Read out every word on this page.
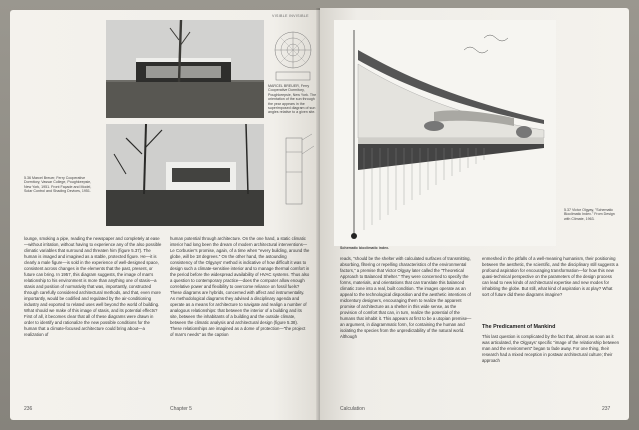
VISIBLE INVISIBLE
MARCEL BREUER, Ferry Cooperative Dormitory, Poughkeepsie, New York. The orientation of the sun through the year appears in the superimposed diagram of sun angles relative to a given site.
5.36 Marcel Breuer, Ferry Cooperative Dormitory, Vassar College, Poughkeepsie, New York, 1951. Front Façade and Model, Solar Control and Shading Devices, 1951.
lounge, smoking a pipe, reading the newspaper and completely at ease—without irritation, without having to experience any of the also possible climatic variables that surround and threaten him (figure 5.37). The human is imaged and imagined as a stable, protected figure. He—it is clearly a male figure—is sold in the experience of well-designed space, consistent across changes in the elements that the past, present, or future can bring. In 1957, this diagram suggests, the image of man's relationship to his environment is more than anything one of stasis—a stasis and position of normativity that was, importantly, constructed through carefully considered architectural methods, and that, even more importantly, would be codified and regulated by the air-conditioning industry and exported to related uses well beyond the world of building. What should we make of this image of stasis, and its potential effects? First of all, it becomes clear that all of these diagrams were drawn in order to identify and rationalize the new possible conditions for the human that a climate-focused architecture could bring about—a realization of
human potential through architecture. On the one hand, a static climatic interior had long been the dream of modern architectural interventions—Le Corbusier's promise, again, of a time when "every building, around the globe, will be 18 degrees." On the other hand, the astounding consistency of the Olgyays' method is indicative of how difficult it was to design such a climate-sensitive interior and to manage thermal comfort in the period before the widespread availability of HVAC systems. Thus also a question to contemporary practice—does the computer allow enough correlative power and flexibility to overcome reliance on fossil fuels? These diagrams are hybrids, concerned with affect and instrumentality. As methodological diagrams they advised a disciplinary agenda and operate as a means for architecture to navigate and realign a number of analogous relationships: that between the interior of a building and its site, between the inhabitants of a building and the outside climate, between the climatic analysis and architectural design (figure 5.38). These relationships are imagined as a dome of protection—"the project of man's needs" as the caption
236	Chapter 5
Schematic bioclimatic index.
5.37 Victor Olgyay, "Schematic Bioclimatic Index." From Design with Climate, 1963.
reads, "should be the shelter with calculated surfaces of transmitting, absorbing, filtering or repelling characteristics of the environmental factors," a premise that Victor Olgyay later called the "Theoretical Approach to Balanced Shelter." They were concerned to specify the forms, materials, and orientations that can translate this balanced climatic zone into a real, built condition. The images operate as an appeal to the technological disposition and the aesthetic intentions of midcentury designers, encouraging them to realize the apparent promise of architecture as a shelter in this wide sense, as the provision of comfort that can, in turn, realize the potential of the humans that inhabit it. This appears at first to be a utopian premise—an argument, in diagrammatic form, for containing the human and isolating the species from the unpredictability of the natural world. Although
enmeshed in the pitfalls of a well-meaning humanism, their positioning between the aesthetic, the scientific, and the disciplinary still suggests a profound aspiration for encouraging transformation—for how this new quasi-technical perspective on the parameters of the design process can lead to new kinds of architectural expertise and new modes for inhabiting the globe. But still, what kind of aspiration is at play? What sort of future did these diagrams imagine?
The Predicament of Mankind
This last question is complicated by the fact that, almost as soon as it was articulated, the Olgyays' specific "image of the relationship between man and the environment" began to fade away. For one thing, their research had a mixed reception in postwar architectural culture; their approach
Calculation	237
